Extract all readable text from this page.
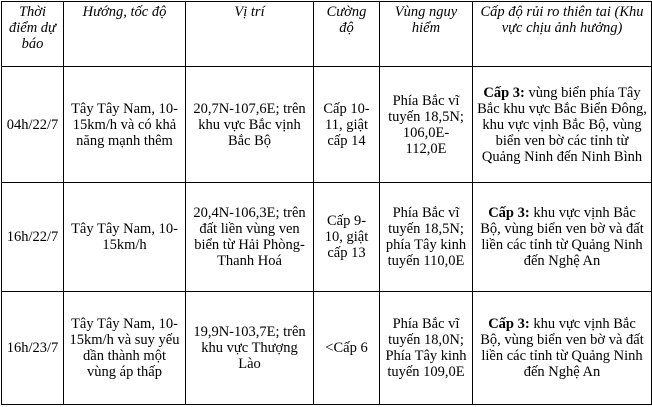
Thời điểm dự báo	Hướng, tốc độ	Vị trí	Cường độ	Vùng nguy hiểm	Cấp độ rủi ro thiên tai (Khu vực chịu ảnh hưởng)
04h/22/7	Tây Tây Nam, 10-15km/h và có khả năng mạnh thêm	20,7N-107,6E; trên khu vực Bắc vịnh Bắc Bộ	Cấp 10-11, giật cấp 14	Phía Bắc vĩ tuyến 18,5N; 106,0E-112,0E	Cấp 3: vùng biển phía Tây Bắc khu vực Bắc Biển Đông, khu vực vịnh Bắc Bộ, vùng biển ven bờ các tỉnh từ Quảng Ninh đến Ninh Bình
16h/22/7	Tây Tây Nam, 10-15km/h	20,4N-106,3E; trên đất liền vùng ven biển từ Hải Phòng-Thanh Hoá	Cấp 9-10, giật cấp 13	Phía Bắc vĩ tuyến 18,5N; phía Tây kinh tuyến 110,0E	Cấp 3: khu vực vịnh Bắc Bộ, vùng biển ven bờ và đất liền các tỉnh từ Quảng Ninh đến Nghệ An
16h/23/7	Tây Tây Nam, 10-15km/h và suy yếu dần thành một vùng áp thấp	19,9N-103,7E; trên khu vực Thượng Lào	<Cấp 6	Phía Bắc vĩ tuyến 18,0N; Phía Tây kinh tuyến 109,0E	Cấp 3: khu vực vịnh Bắc Bộ, vùng biển ven bờ và đất liền các tỉnh từ Quảng Ninh đến Nghệ An
